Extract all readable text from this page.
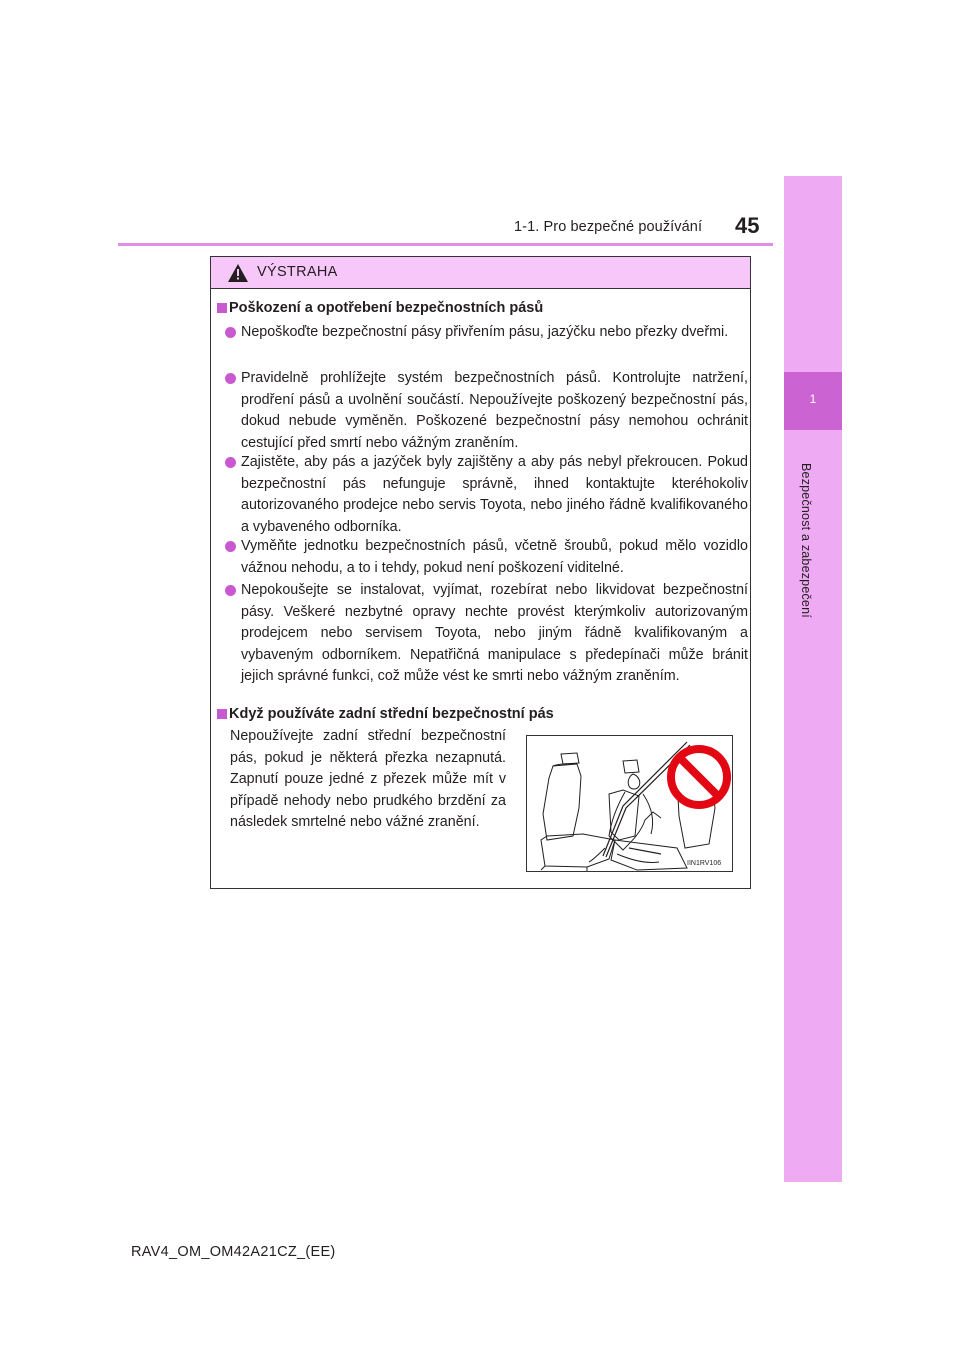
1-1. Pro bezpečné používání 45
1
Bezpečnost a zabezpečení
VÝSTRAHA
Poškození a opotřebení bezpečnostních pásů
Nepoškoďte bezpečnostní pásy přivřením pásu, jazýčku nebo přezky dveřmi.
Pravidelně prohlížejte systém bezpečnostních pásů. Kontrolujte natržení, prodření pásů a uvolnění součástí. Nepoužívejte poškozený bezpečnostní pás, dokud nebude vyměněn. Poškozené bezpečnostní pásy nemohou ochránit cestující před smrtí nebo vážným zraněním.
Zajistěte, aby pás a jazýček byly zajištěny a aby pás nebyl překroucen. Pokud bezpečnostní pás nefunguje správně, ihned kontaktujte kteréhokoliv autorizovaného prodejce nebo servis Toyota, nebo jiného řádně kvalifikovaného a vybaveného odborníka.
Vyměňte jednotku bezpečnostních pásů, včetně šroubů, pokud mělo vozidlo vážnou nehodu, a to i tehdy, pokud není poškození viditelné.
Nepokoušejte se instalovat, vyjímat, rozebírat nebo likvidovat bezpečnostní pásy. Veškeré nezbytné opravy nechte provést kterýmkoliv autorizovaným prodejcem nebo servisem Toyota, nebo jiným řádně kvalifikovaným a vybaveným odborníkem. Nepatřičná manipulace s předepínači může bránit jejich správné funkci, což může vést ke smrti nebo vážným zraněním.
Když používáte zadní střední bezpečnostní pás
Nepoužívejte zadní střední bezpečnostní pás, pokud je některá přezka nezapnutá. Zapnutí pouze jedné z přezek může mít v případě nehody nebo prudkého brzdění za následek smrtelné nebo vážné zranění.
IIN1RV106
RAV4_OM_OM42A21CZ_(EE)
